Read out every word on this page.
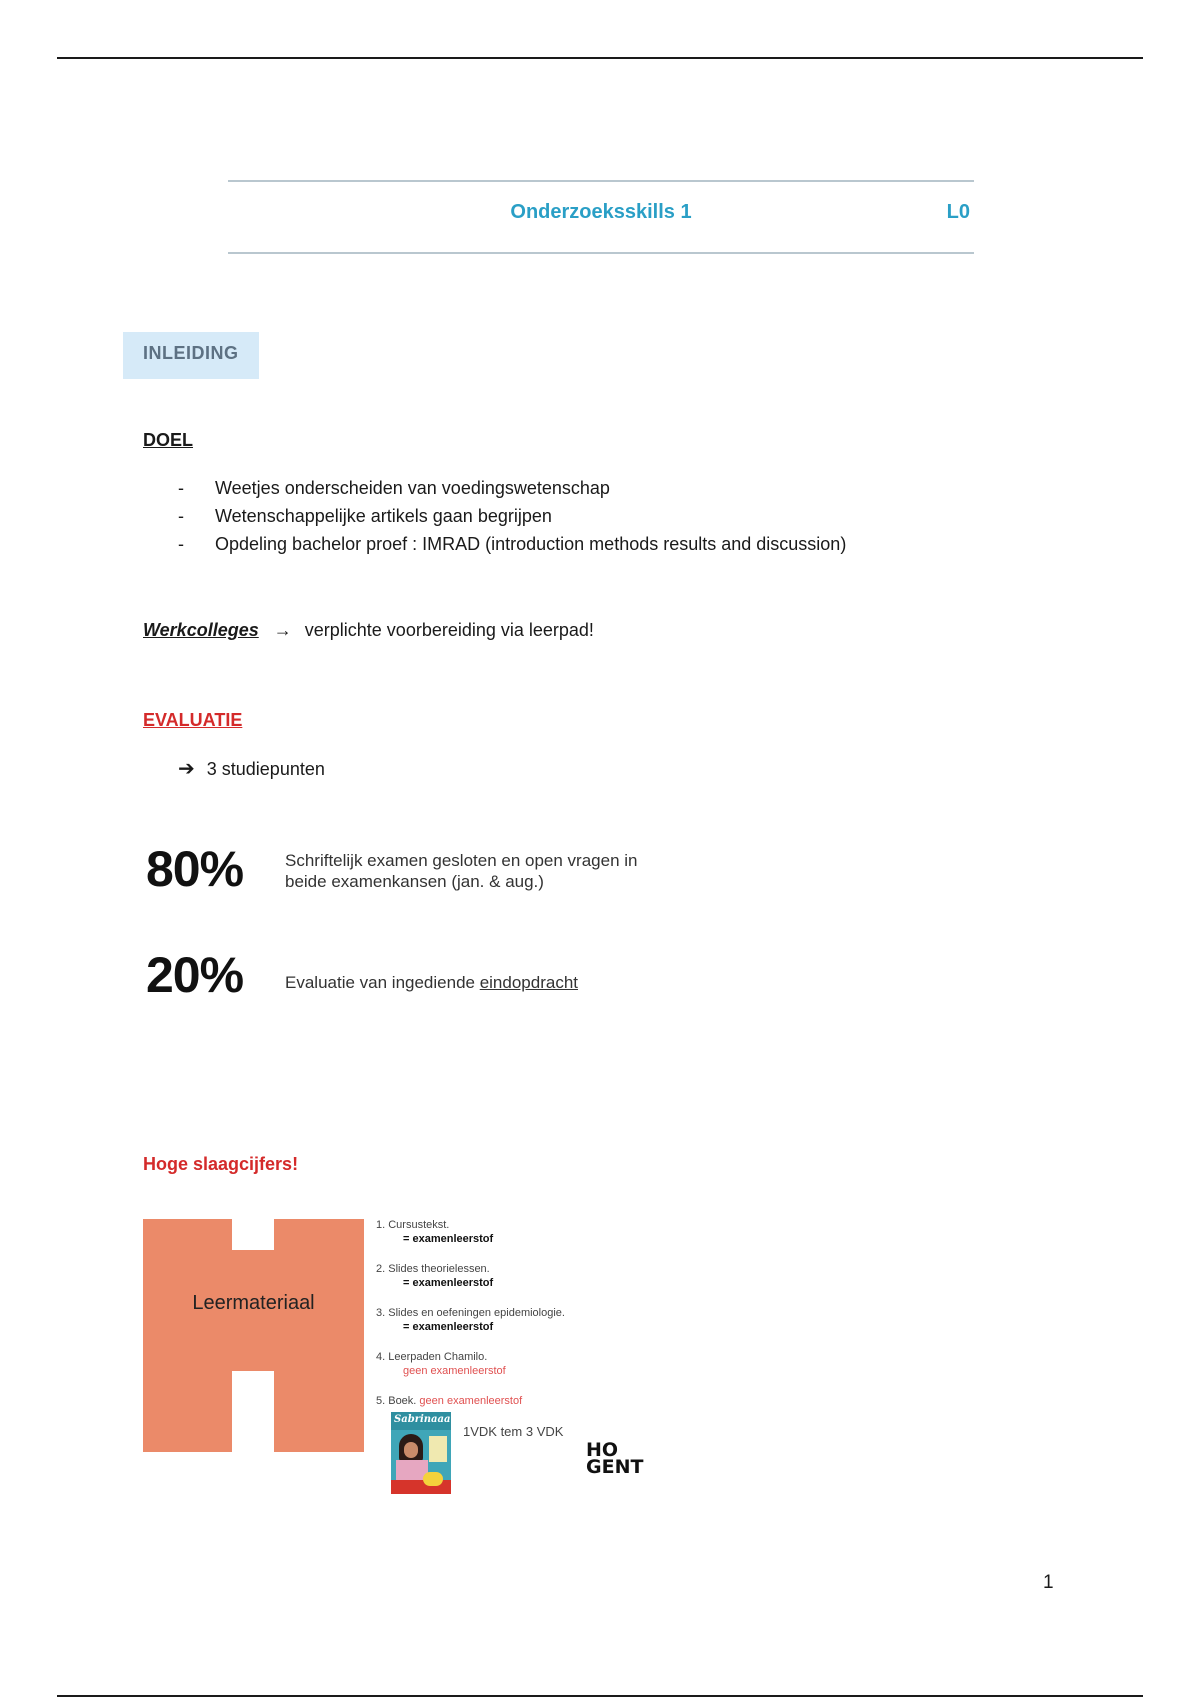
Onderzoeksskills 1	L0
INLEIDING
DOEL
-	Weetjes onderscheiden van voedingswetenschap
-	Wetenschappelijke artikels gaan begrijpen
-	Opdeling bachelor proef : IMRAD (introduction methods results and discussion)
Werkcolleges → verplichte voorbereiding via leerpad!
EVALUATIE
➔ 3 studiepunten
80% Schriftelijk examen gesloten en open vragen in
beide examenkansen (jan. & aug.)
20% Evaluatie van ingediende eindopdracht
Hoge slaagcijfers!
Leermateriaal
1. Cursustekst.
= examenleerstof
2. Slides theorielessen.
= examenleerstof
3. Slides en oefeningen epidemiologie.
= examenleerstof
4. Leerpaden Chamilo.
geen examenleerstof
5. Boek. geen examenleerstof
Sabrinaaa
1VDK tem 3 VDK
HO
GENT
1
